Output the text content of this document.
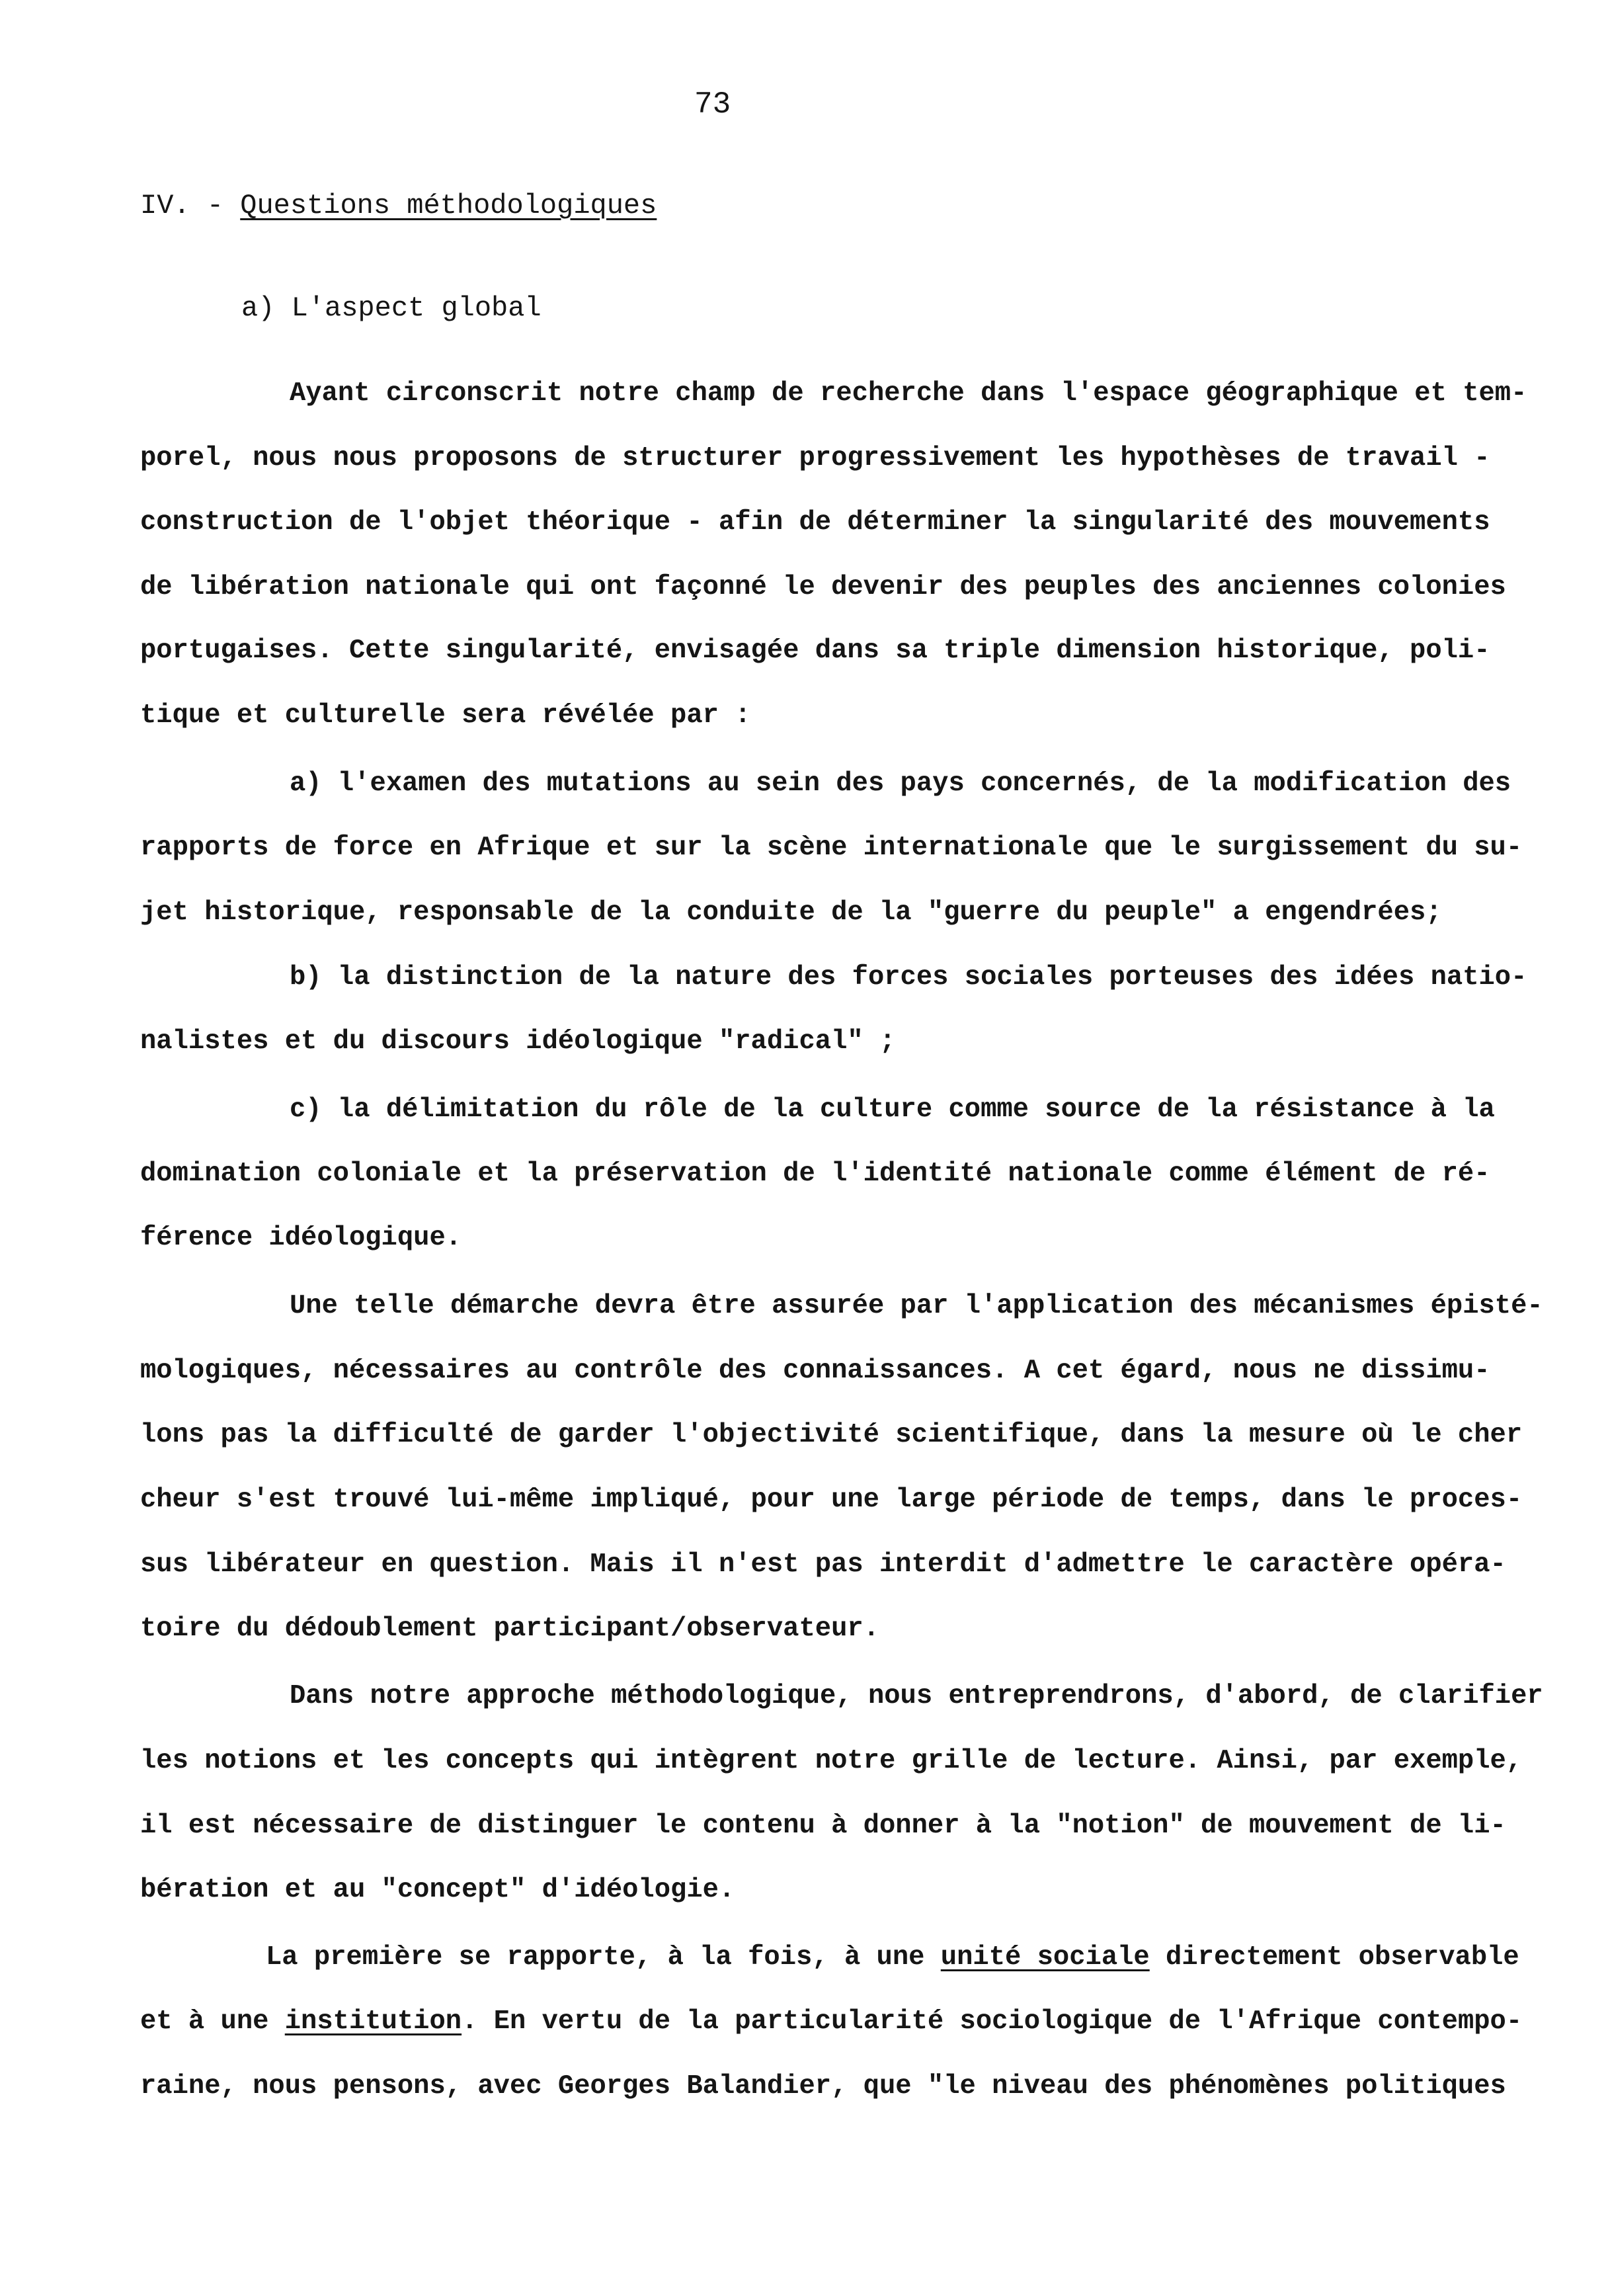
73
IV. - Questions méthodologiques
a) L'aspect global
Ayant circonscrit notre champ de recherche dans l'espace géographique et tem-
porel, nous nous proposons de structurer progressivement les hypothèses de travail -
construction de l'objet théorique - afin de déterminer la singularité des mouvements
de libération nationale qui ont façonné le devenir des peuples des anciennes colonies
portugaises. Cette singularité, envisagée dans sa triple dimension historique, poli-
tique et culturelle sera révélée par :
a) l'examen des mutations au sein des pays concernés, de la modification des
rapports de force en Afrique et sur la scène internationale que le surgissement du su-
jet historique, responsable de la conduite de la "guerre du peuple" a engendrées;
b) la distinction de la nature des forces sociales porteuses des idées natio-
nalistes et du discours idéologique "radical" ;
c) la délimitation du rôle de la culture comme source de la résistance à la
domination coloniale et la préservation de l'identité nationale comme élément de ré-
férence idéologique.
Une telle démarche devra être assurée par l'application des mécanismes épisté-
mologiques, nécessaires au contrôle des connaissances. A cet égard, nous ne dissimu-
lons pas la difficulté de garder l'objectivité scientifique, dans la mesure où le cher
cheur s'est trouvé lui-même impliqué, pour une large période de temps, dans le proces-
sus libérateur en question. Mais il n'est pas interdit d'admettre le caractère opéra-
toire du dédoublement participant/observateur.
Dans notre approche méthodologique, nous entreprendrons, d'abord, de clarifier
les notions et les concepts qui intègrent notre grille de lecture. Ainsi, par exemple,
il est nécessaire de distinguer le contenu à donner à la "notion" de mouvement de li-
bération et au "concept" d'idéologie.
La première se rapporte, à la fois, à une unité sociale directement observable
et à une institution. En vertu de la particularité sociologique de l'Afrique contempo-
raine, nous pensons, avec Georges Balandier, que "le niveau des phénomènes politiques
